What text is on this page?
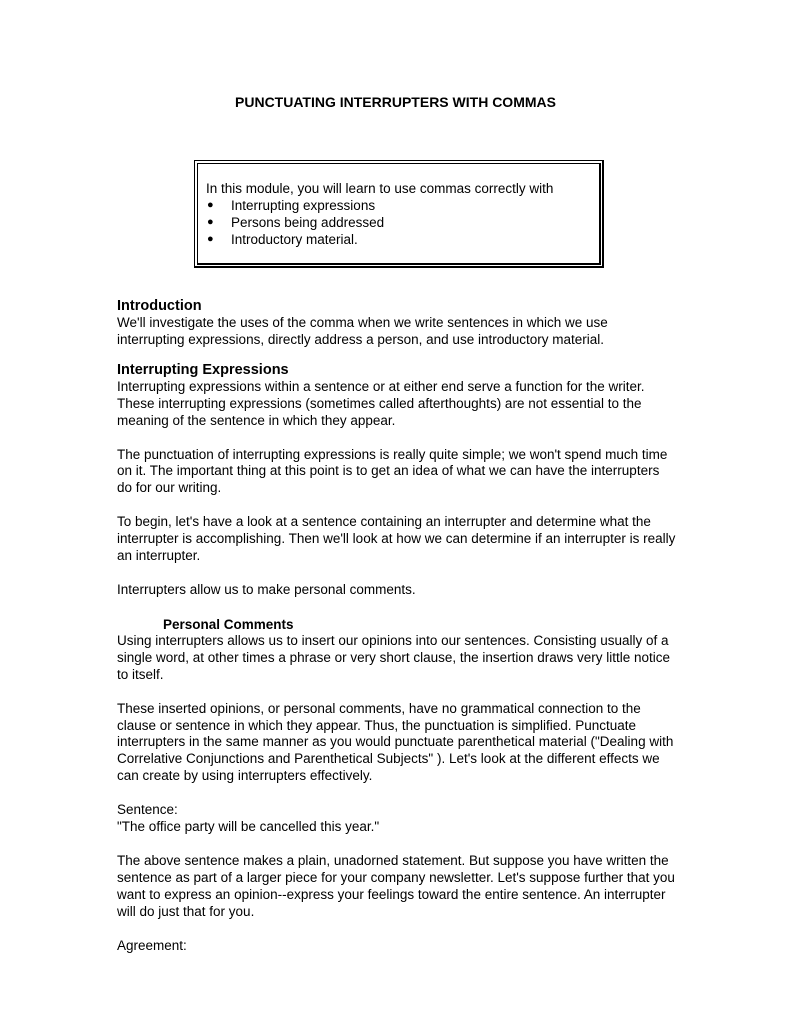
PUNCTUATING INTERRUPTERS WITH COMMAS
In this module, you will learn to use commas correctly with
● Interrupting expressions
● Persons being addressed
● Introductory material.
Introduction

We'll investigate the uses of the comma when we write sentences in which we use interrupting expressions, directly address a person, and use introductory material.

Interrupting Expressions

Interrupting expressions within a sentence or at either end serve a function for the writer. These interrupting expressions (sometimes called afterthoughts) are not essential to the meaning of the sentence in which they appear.

The punctuation of interrupting expressions is really quite simple; we won't spend much time on it. The important thing at this point is to get an idea of what we can have the interrupters do for our writing.

To begin, let's have a look at a sentence containing an interrupter and determine what the interrupter is accomplishing. Then we'll look at how we can determine if an interrupter is really an interrupter.

Interrupters allow us to make personal comments.

Personal Comments

Using interrupters allows us to insert our opinions into our sentences. Consisting usually of a single word, at other times a phrase or very short clause, the insertion draws very little notice to itself.

These inserted opinions, or personal comments, have no grammatical connection to the clause or sentence in which they appear. Thus, the punctuation is simplified. Punctuate interrupters in the same manner as you would punctuate parenthetical material ("Dealing with Correlative Conjunctions and Parenthetical Subjects" ). Let's look at the different effects we can create by using interrupters effectively.

Sentence:
"The office party will be cancelled this year."

The above sentence makes a plain, unadorned statement. But suppose you have written the sentence as part of a larger piece for your company newsletter. Let's suppose further that you want to express an opinion--express your feelings toward the entire sentence. An interrupter will do just that for you.

Agreement:
